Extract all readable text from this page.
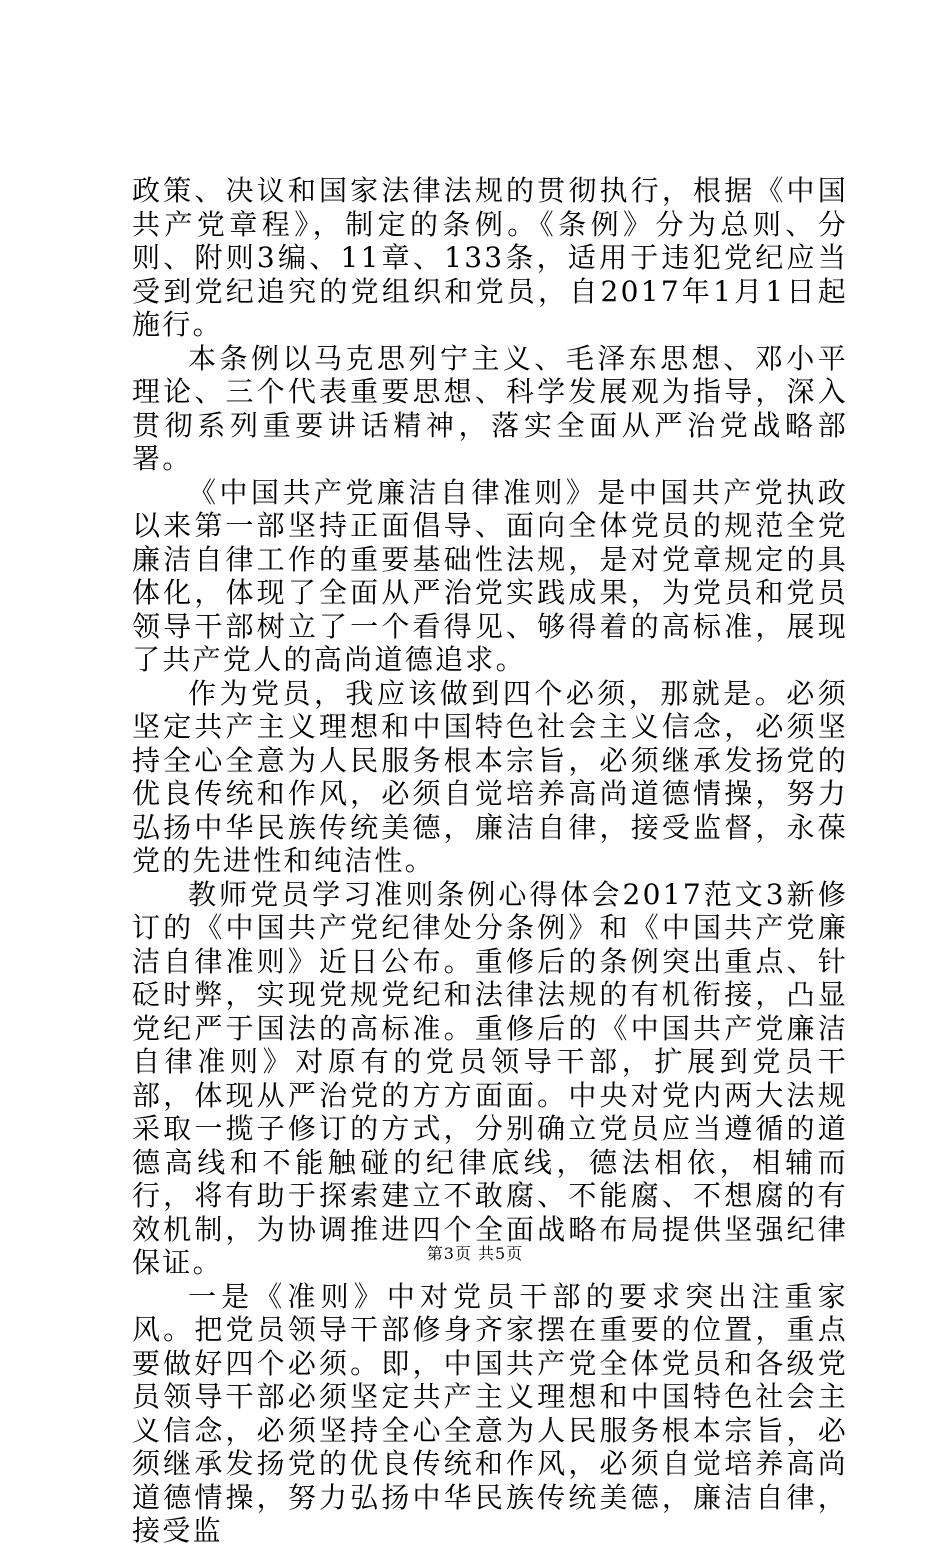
政策、决议和国家法律法规的贯彻执行，根据《中国共产党章程》，制定的条例。《条例》分为总则、分则、附则3编、11章、133条，适用于违犯党纪应当受到党纪追究的党组织和党员，自2017年1月1日起施行。

本条例以马克思列宁主义、毛泽东思想、邓小平理论、三个代表重要思想、科学发展观为指导，深入贯彻系列重要讲话精神，落实全面从严治党战略部署。

《中国共产党廉洁自律准则》是中国共产党执政以来第一部坚持正面倡导、面向全体党员的规范全党廉洁自律工作的重要基础性法规，是对党章规定的具体化，体现了全面从严治党实践成果，为党员和党员领导干部树立了一个看得见、够得着的高标准，展现了共产党人的高尚道德追求。

作为党员，我应该做到四个必须，那就是。必须坚定共产主义理想和中国特色社会主义信念，必须坚持全心全意为人民服务根本宗旨，必须继承发扬党的优良传统和作风，必须自觉培养高尚道德情操，努力弘扬中华民族传统美德，廉洁自律，接受监督，永葆党的先进性和纯洁性。

教师党员学习准则条例心得体会2017范文3新修订的《中国共产党纪律处分条例》和《中国共产党廉洁自律准则》近日公布。重修后的条例突出重点、针砭时弊，实现党规党纪和法律法规的有机衔接，凸显党纪严于国法的高标准。重修后的《中国共产党廉洁自律准则》对原有的党员领导干部，扩展到党员干部，体现从严治党的方方面面。中央对党内两大法规采取一揽子修订的方式，分别确立党员应当遵循的道德高线和不能触碰的纪律底线，德法相依，相辅而行，将有助于探索建立不敢腐、不能腐、不想腐的有效机制，为协调推进四个全面战略布局提供坚强纪律保证。

一是《准则》中对党员干部的要求突出注重家风。把党员领导干部修身齐家摆在重要的位置，重点要做好四个必须。即，中国共产党全体党员和各级党员领导干部必须坚定共产主义理想和中国特色社会主义信念，必须坚持全心全意为人民服务根本宗旨，必须继承发扬党的优良传统和作风，必须自觉培养高尚道德情操，努力弘扬中华民族传统美德，廉洁自律，接受监

第3页 共5页
